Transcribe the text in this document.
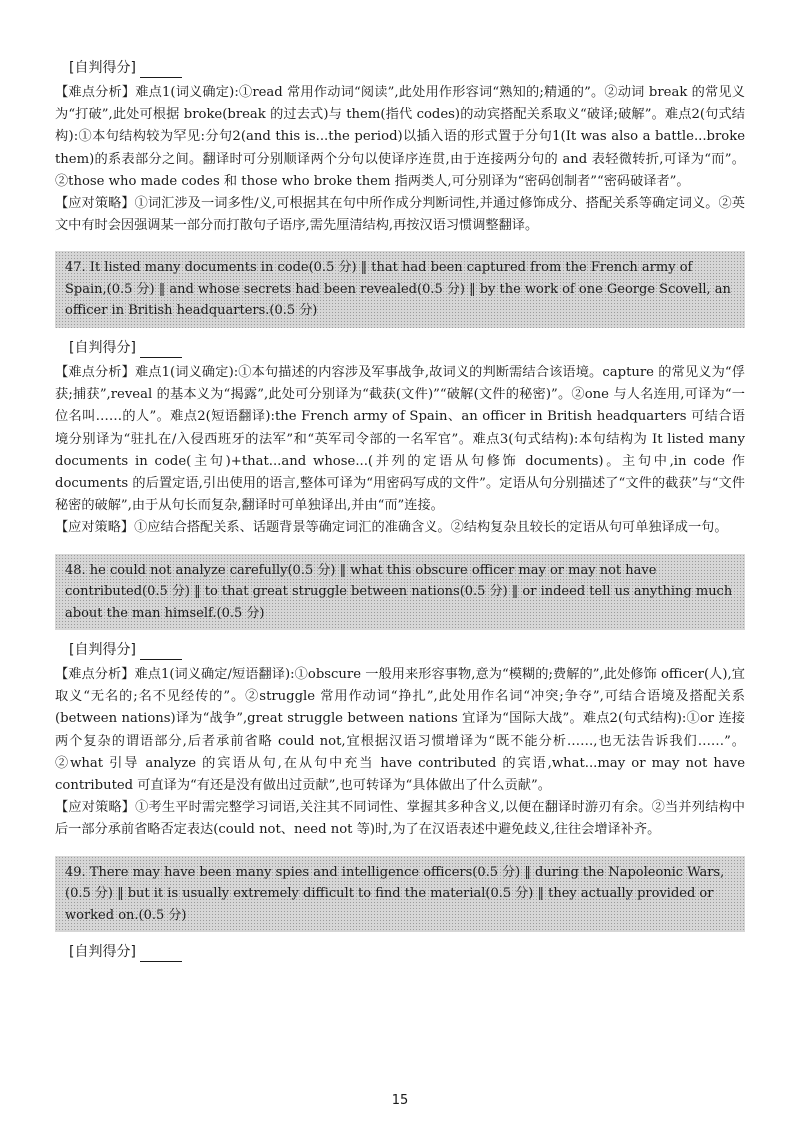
[自判得分]

【难点分析】难点1(词义确定):①read 常用作动词“阅读”,此处用作形容词“熟知的;精通的”。②动词 break 的常见义为“打破”,此处可根据 broke(break 的过去式)与 them(指代 codes)的动宾搭配关系取义“破译;破解”。难点2(句式结构):①本句结构较为罕见:分句2(and this is...the period)以插入语的形式置于分句1(It was also a battle...broke them)的系表部分之间。翻译时可分别顺译两个分句以使译序连贯,由于连接两分句的 and 表轻微转折,可译为“而”。②those who made codes 和 those who broke them 指两类人,可分别译为“密码创制者”“密码破译者”。

【应对策略】①词汇涉及一词多性/义,可根据其在句中所作成分判断词性,并通过修饰成分、搭配关系等确定词义。②英文中有时会因强调某一部分而打散句子语序,需先厘清结构,再按汉语习惯调整翻译。

47. It listed many documents in code(0.5 分) ‖ that had been captured from the French army of Spain,(0.5 分) ‖ and whose secrets had been revealed(0.5 分) ‖ by the work of one George Scovell, an officer in British headquarters.(0.5 分)
[自判得分]

【难点分析】难点1(词义确定):①本句描述的内容涉及军事战争,故词义的判断需结合该语境。capture 的常见义为“俘获;捕获”,reveal 的基本义为“揭露”,此处可分别译为“截获(文件)”“破解(文件的秘密)”。②one 与人名连用,可译为“一位名叫……的人”。难点2(短语翻译):the French army of Spain、an officer in British headquarters 可结合语境分别译为“驻扎在/入侵西班牙的法军”和“英军司令部的一名军官”。难点3(句式结构):本句结构为 It listed many documents in code(主句)+that...and whose...(并列的定语从句修饰 documents)。主句中,in code 作 documents 的后置定语,引出使用的语言,整体可译为“用密码写成的文件”。定语从句分别描述了“文件的截获”与“文件秘密的破解”,由于从句长而复杂,翻译时可单独译出,并由“而”连接。

【应对策略】①应结合搭配关系、话题背景等确定词汇的准确含义。②结构复杂且较长的定语从句可单独译成一句。

48. he could not analyze carefully(0.5 分) ‖ what this obscure officer may or may not have contributed(0.5 分) ‖ to that great struggle between nations(0.5 分) ‖ or indeed tell us anything much about the man himself.(0.5 分)
[自判得分]

【难点分析】难点1(词义确定/短语翻译):①obscure 一般用来形容事物,意为“模糊的;费解的”,此处修饰 officer(人),宜取义“无名的;名不见经传的”。②struggle 常用作动词“挣扎”,此处用作名词“冲突;争夺”,可结合语境及搭配关系(between nations)译为“战争”,great struggle between nations 宜译为“国际大战”。难点2(句式结构):①or 连接两个复杂的谓语部分,后者承前省略 could not,宜根据汉语习惯增译为“既不能分析……,也无法告诉我们……”。②what 引导 analyze 的宾语从句,在从句中充当 have contributed 的宾语,what...may or may not have contributed 可直译为“有还是没有做出过贡献”,也可转译为“具体做出了什么贡献”。

【应对策略】①考生平时需完整学习词语,关注其不同词性、掌握其多种含义,以便在翻译时游刃有余。②当并列结构中后一部分承前省略否定表达(could not、need not 等)时,为了在汉语表述中避免歧义,往往会增译补齐。

49. There may have been many spies and intelligence officers(0.5 分) ‖ during the Napoleonic Wars,(0.5 分) ‖ but it is usually extremely difficult to find the material(0.5 分) ‖ they actually provided or worked on.(0.5 分)
[自判得分]
15
